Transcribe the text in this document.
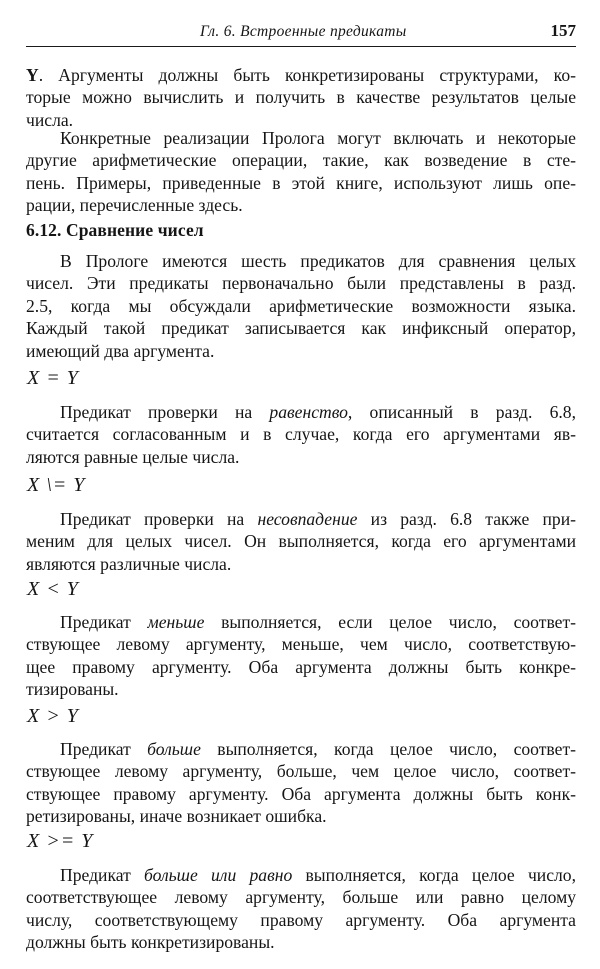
Гл. 6. Встроенные предикаты	157
Y. Аргументы должны быть конкретизированы структурами, ко-
торые можно вычислить и получить в качестве результатов целые
числа.
Конкретные реализации Пролога могут включать и некоторые
другие арифметические операции, такие, как возведение в сте-
пень. Примеры, приведенные в этой книге, используют лишь опе-
рации, перечисленные здесь.
6.12. Сравнение чисел
В Прологе имеются шесть предикатов для сравнения целых
чисел. Эти предикаты первоначально были представлены в разд.
2.5, когда мы обсуждали арифметические возможности языка.
Каждый такой предикат записывается как инфиксный оператор,
имеющий два аргумента.
X = Y
Предикат проверки на равенство, описанный в разд. 6.8,
считается согласованным и в случае, когда его аргументами яв-
ляются равные целые числа.
X \= Y
Предикат проверки на несовпадение из разд. 6.8 также при-
меним для целых чисел. Он выполняется, когда его аргументами
являются различные числа.
X < Y
Предикат меньше выполняется, если целое число, соответ-
ствующее левому аргументу, меньше, чем число, соответствую-
щее правому аргументу. Оба аргумента должны быть конкре-
тизированы.
X > Y
Предикат больше выполняется, когда целое число, соответ-
ствующее левому аргументу, больше, чем целое число, соответ-
ствующее правому аргументу. Оба аргумента должны быть конк-
ретизированы, иначе возникает ошибка.
X >= Y
Предикат больше или равно выполняется, когда целое число,
соответствующее левому аргументу, больше или равно целому
числу, соответствующему правому аргументу. Оба аргумента
должны быть конкретизированы.
